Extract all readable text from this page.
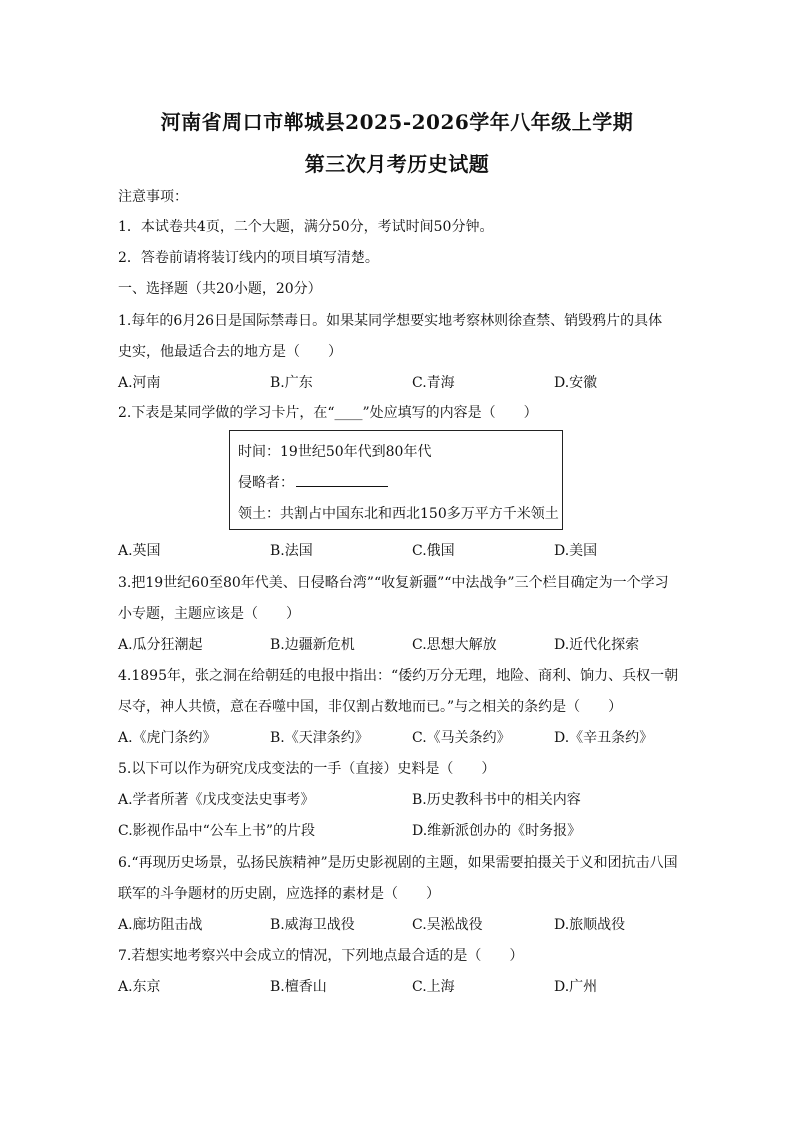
河南省周口市郸城县2025-2026学年八年级上学期
第三次月考历史试题
注意事项：
1．本试卷共4页，二个大题，满分50分，考试时间50分钟。
2．答卷前请将装订线内的项目填写清楚。
一、选择题（共20小题，20分）
1.每年的6月26日是国际禁毒日。如果某同学想要实地考察林则徐查禁、销毁鸦片的具体
史实，他最适合去的地方是（　　）
A.河南	B.广东	C.青海	D.安徽
2.下表是某同学做的学习卡片，在“____”处应填写的内容是（　　）
时间：19世纪50年代到80年代
侵略者：
领土：共割占中国东北和西北150多万平方千米领土
A.英国	B.法国	C.俄国	D.美国
3.把19世纪60至80年代美、日侵略台湾”“收复新疆”“中法战争”三个栏目确定为一个学习
小专题，主题应该是（　　）
A.瓜分狂潮起	B.边疆新危机	C.思想大解放	D.近代化探索
4.1895年，张之洞在给朝廷的电报中指出：“倭约万分无理，地险、商利、饷力、兵权一朝
尽夺，神人共愤，意在吞噬中国，非仅割占数地而已。”与之相关的条约是（　　）
A.《虎门条约》	B.《天津条约》	C.《马关条约》	D.《辛丑条约》
5.以下可以作为研究戊戌变法的一手（直接）史料是（　　）
A.学者所著《戊戌变法史事考》	B.历史教科书中的相关内容
C.影视作品中“公车上书”的片段	D.维新派创办的《时务报》
6.“再现历史场景，弘扬民族精神”是历史影视剧的主题，如果需要拍摄关于义和团抗击八国
联军的斗争题材的历史剧，应选择的素材是（　　）
A.廊坊阻击战	B.威海卫战役	C.吴淞战役	D.旅顺战役
7.若想实地考察兴中会成立的情况，下列地点最合适的是（　　）
A.东京	B.檀香山	C.上海	D.广州
